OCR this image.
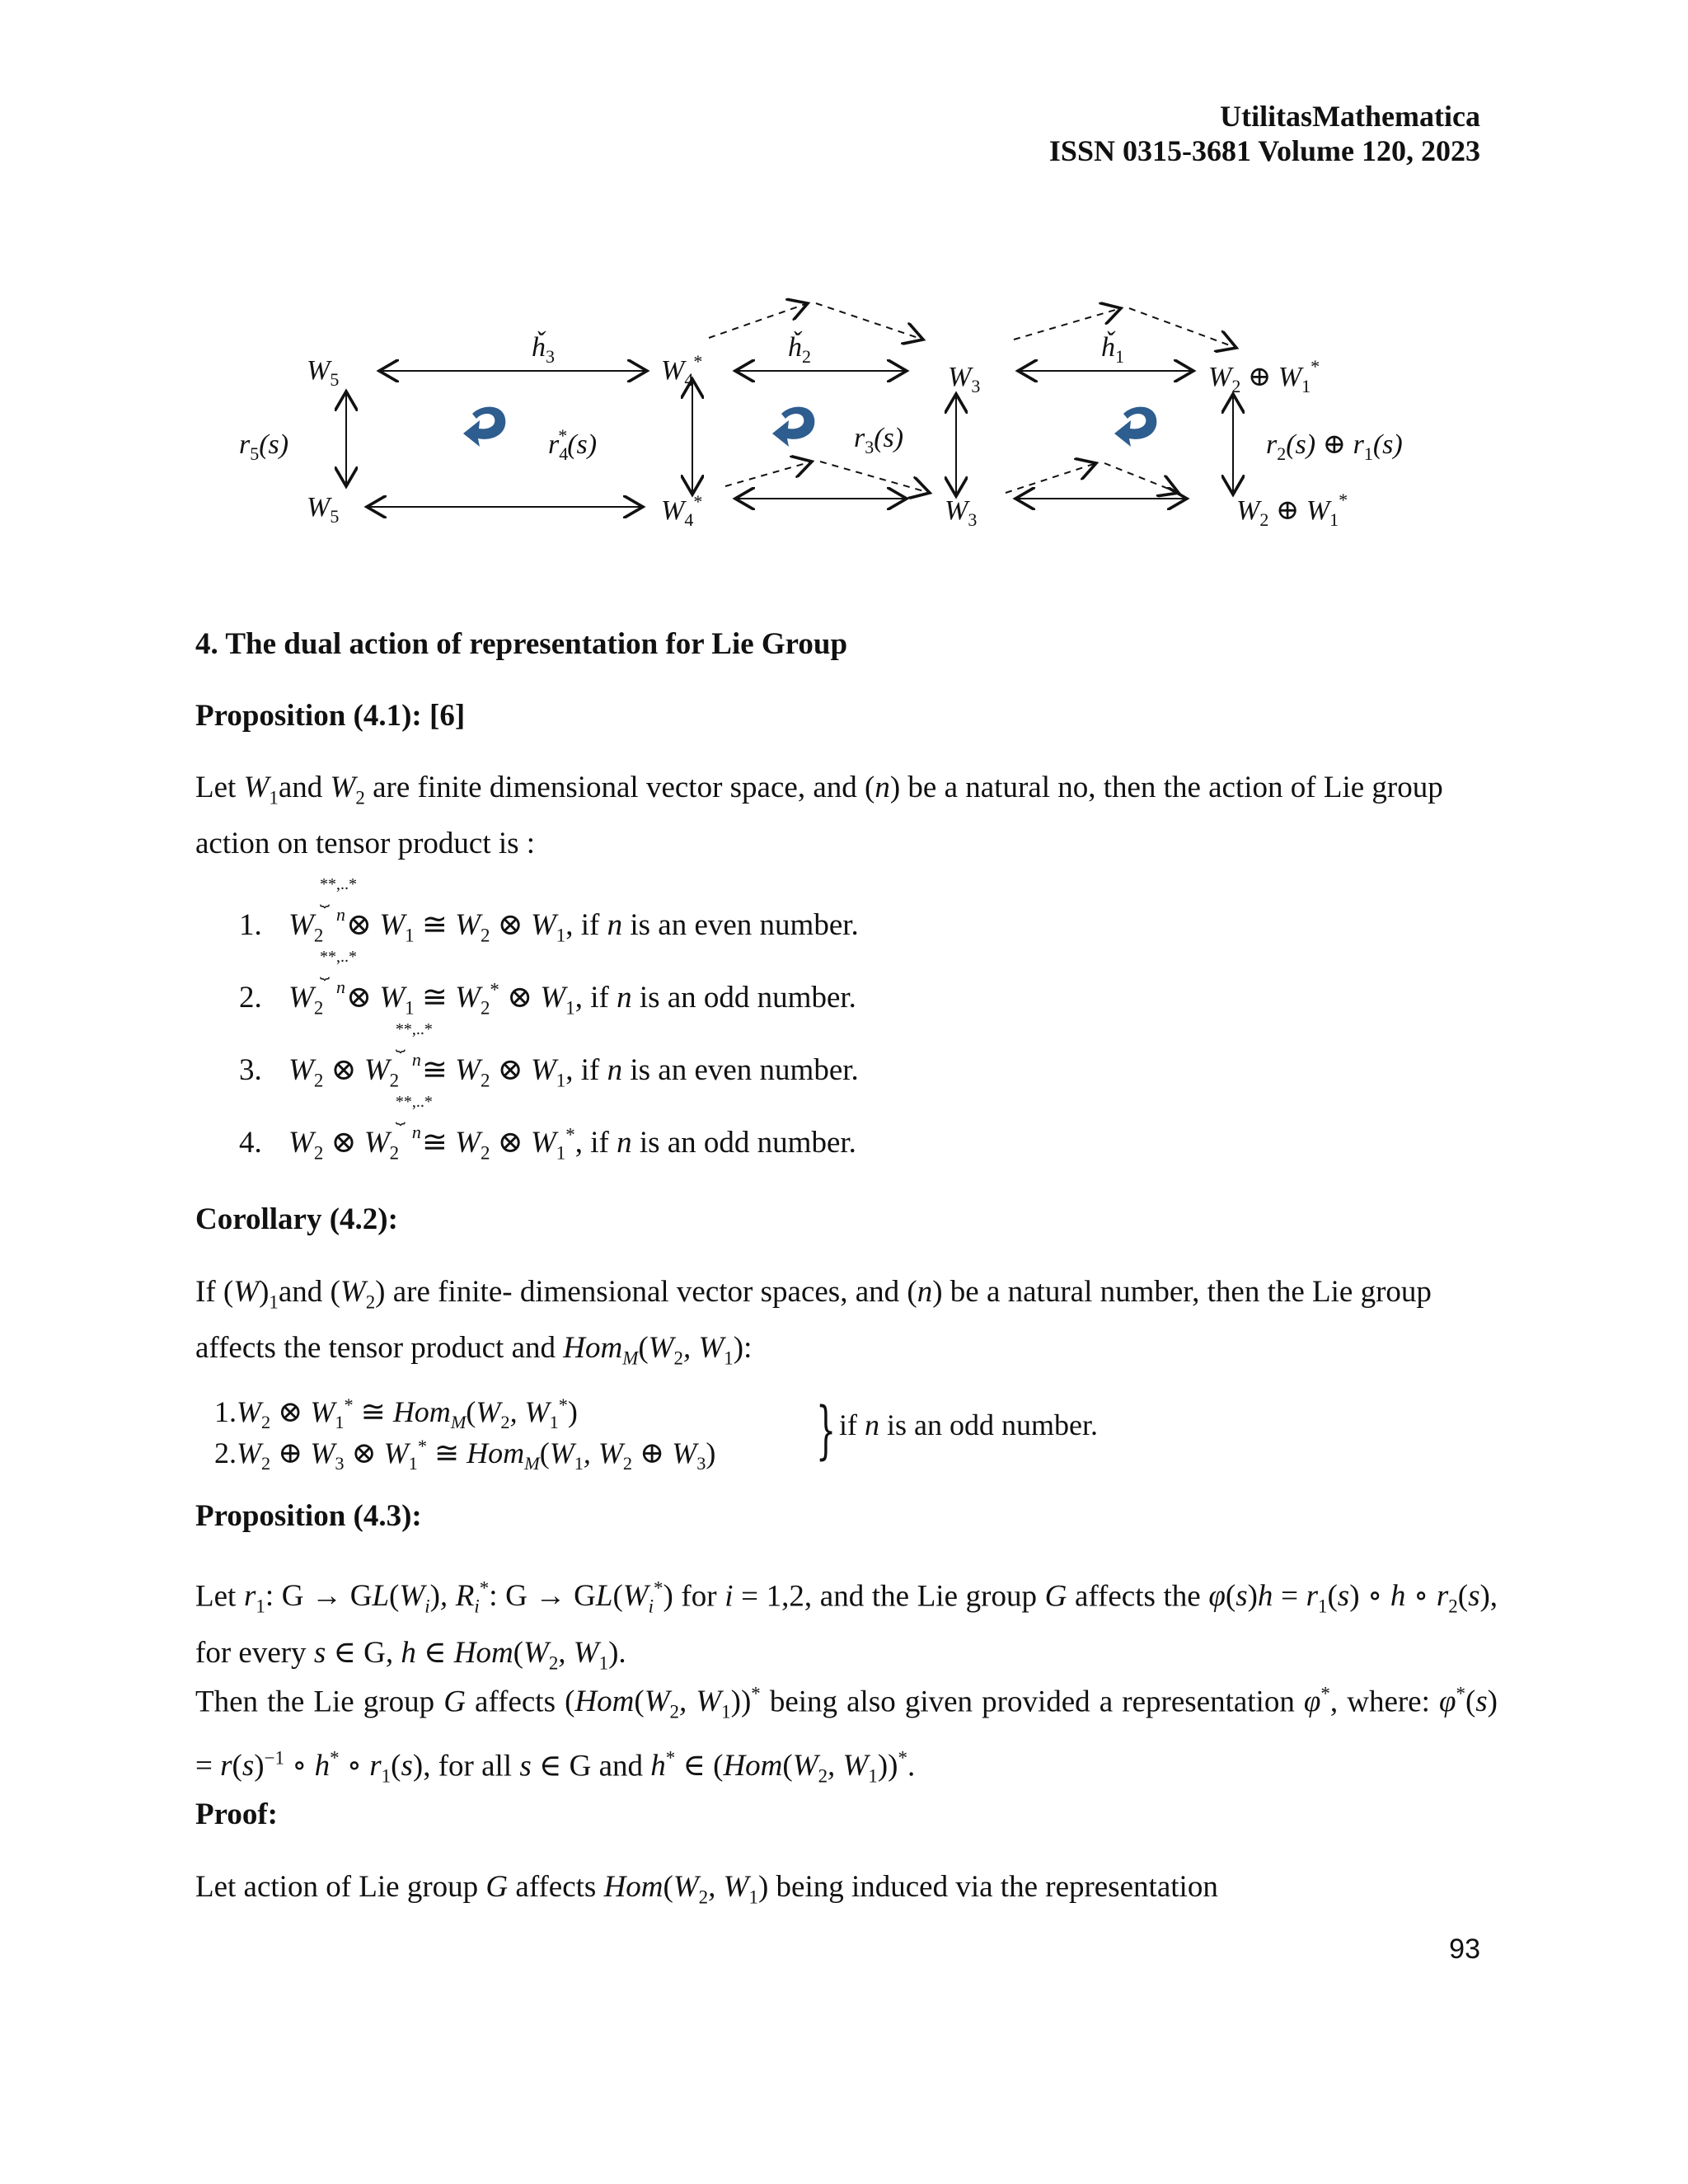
UtilitasMathematica
ISSN 0315-3681 Volume 120, 2023
$W_5$	$W_4^*$
$W_3$	$W_2$ ⊕ $W_1^*$
$W_5$	$W_4^*$	$W_3$	$W_2$ ⊕ $W_1^*$
$ȟ_3$	$ȟ_2$	$ȟ_1$
$r_5(s)$	$r_4*(s)$	$r_3(s)$	$r_2(s)$ ⊕ $r_1(s)$
4. The dual action of representation for Lie Group
Proposition (4.1): [6]
Let $W_1and$ $W_2$ are finite dimensional vector space, and (n) be a natural no, then the action of Lie group action on tensor product is :
1. $W_2$
**,..*
⏟
n ⊗ $W_1$ ≅ $W_2$ ⊗ $W_1$, if n is an even number.
2. $W_2$
**,..*
⏟
n ⊗ $W_1$ ≅ $W_2^*$ ⊗ $W_1$, if n is an odd number.
3. $W_2$ ⊗ $W_2$
**,..*
⏟
n ≅ $W_2$ ⊗ $W_1$, if n is an even number.
4. $W_2$ ⊗ $W_2$
**,..*
⏟
n ≅ $W_2$ ⊗ $W_1^*$, if n is an odd number.
Corollary (4.2):
If $(W)_1and$ $(W_2)$ are finite- dimensional vector spaces, and (n) be a natural number, then the Lie group affects the tensor product and $Hom_M(W_2$, $W_1$):
$1.W_2$ ⊗ $W_1^*$ ≅ $Hom_M(W_2$, $W_1^*$)
$2.W_2$ ⊕ $W_3$ ⊗ $W_1^*$ ≅ $Hom_M(W_1$, $W_2$ ⊕ $W_3$) } if n is an odd number.
Proposition (4.3):
Let $r_1$: $G \to GL(W_i)$, $R_i^*$: $G \to GL(W_i^*)$ for i = 1,2, and the Lie group G affects the $\varphi(s)h = r_1(s)$ ∘ h ∘ $r_2(s)$, for every s ∈ G, h ∈ $Hom(W_2$, $W_1$).
Then the Lie group G affects ($Hom(W_2$, $W_1))^*$ being also given provided a representation φ*, where: $\varphi^*(s) = r(s)^{-1}$ ∘ h* ∘ $r_1(s)$, for all s ∈ G and h* ∈ ($Hom(W_2$, $W_1))^*$.
Proof:
Let action of Lie group G affects $Hom(W_2$, $W_1$) being induced via the representation
93
